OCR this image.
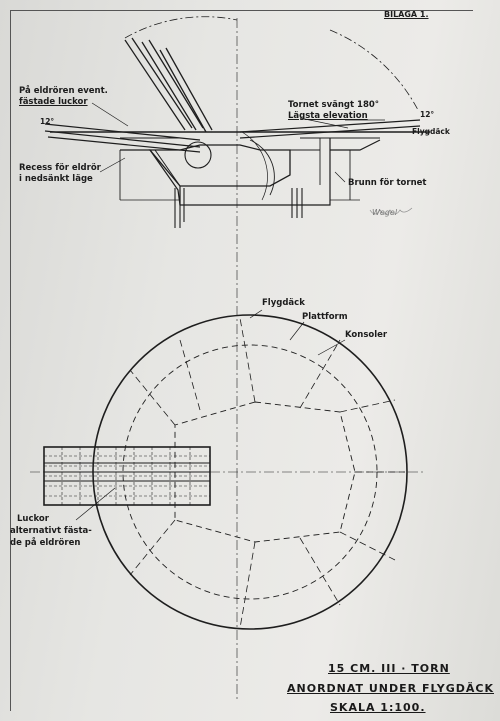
BILAGA 1.
På eldrören event.
fästade luckor
12°
Tornet svängt 180°
Lägsta elevation	12°
Flygdäck
Recess för eldrör
i nedsänkt läge	Brunn för tornet
Wegel
Flygdäck
Plattform
Konsoler
Luckor
alternativt fästa-
de på eldrören
15 CM. III · TORN
ANORDNAT UNDER FLYGDÄCK
SKALA 1:100.
